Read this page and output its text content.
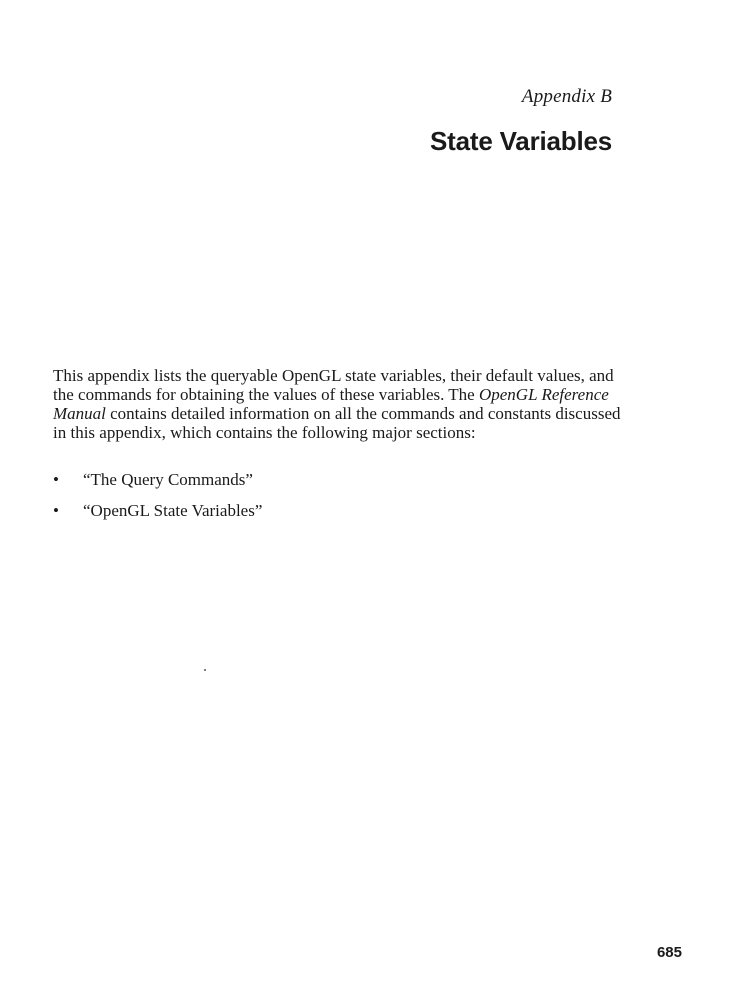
Appendix B

State Variables

This appendix lists the queryable OpenGL state variables, their default values, and the commands for obtaining the values of these variables. The OpenGL Reference Manual contains detailed information on all the commands and constants discussed in this appendix, which contains the following major sections:

• “The Query Commands”
• “OpenGL State Variables”

685
